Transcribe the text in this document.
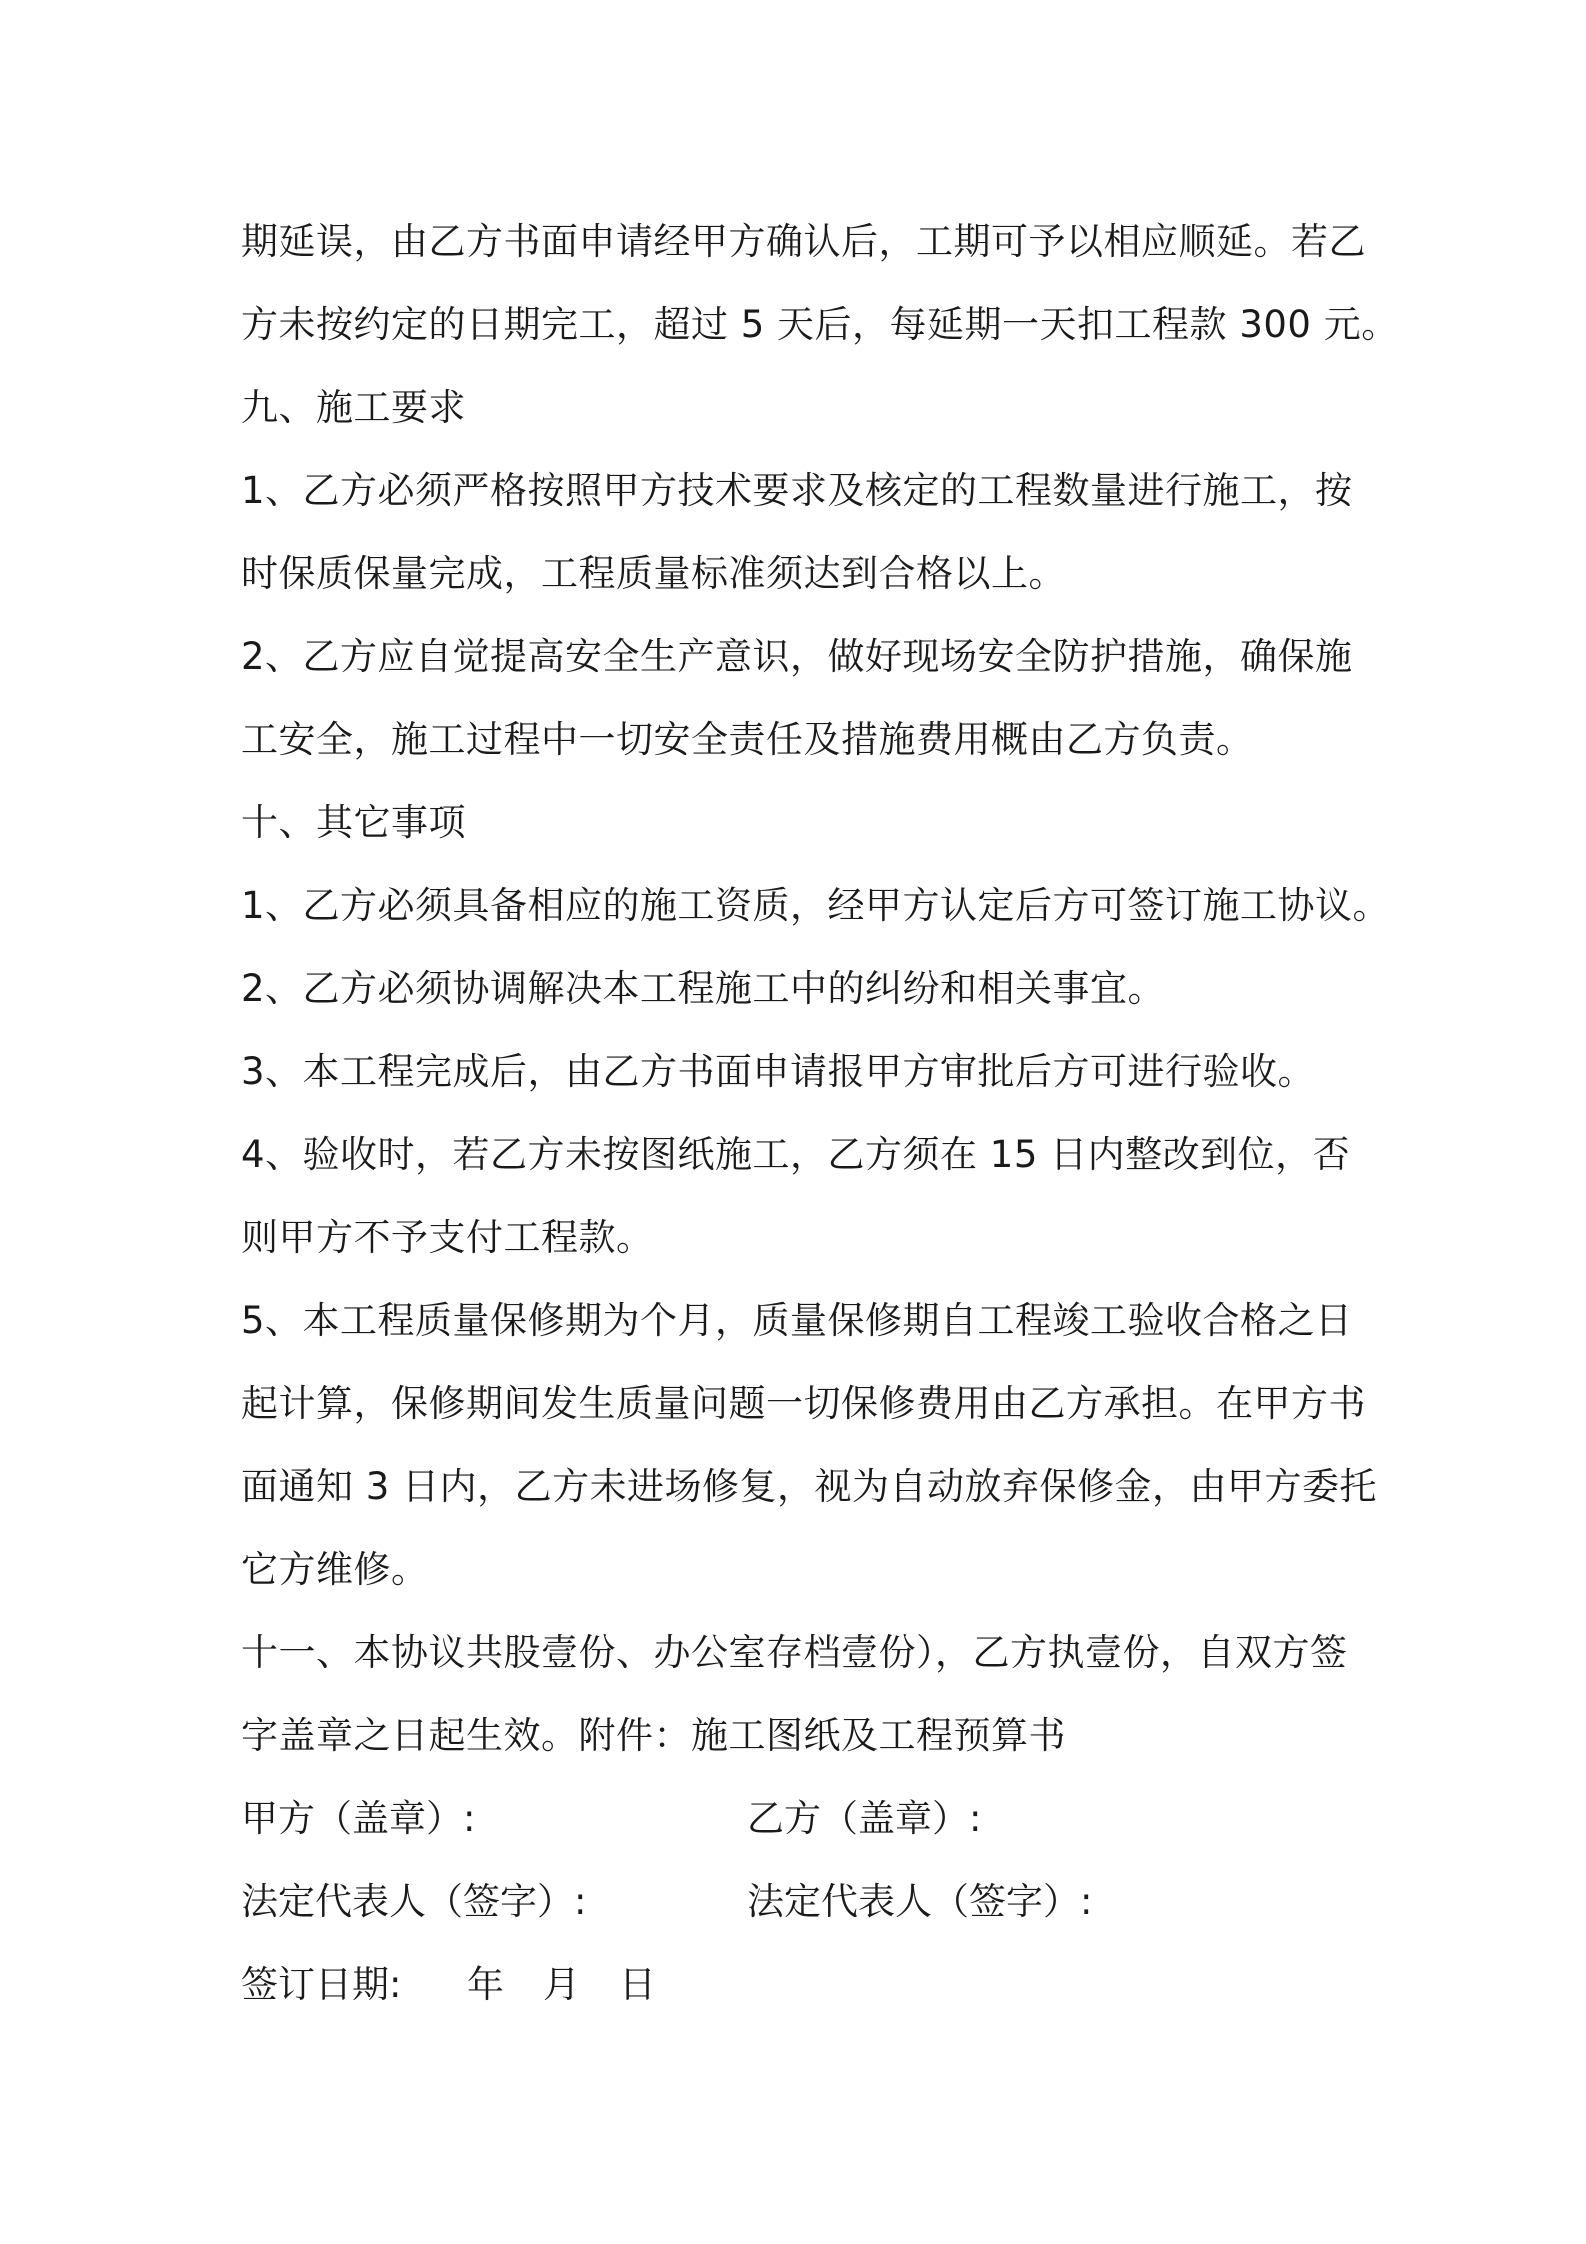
期延误，由乙方书面申请经甲方确认后，工期可予以相应顺延。若乙
方未按约定的日期完工，超过 5 天后，每延期一天扣工程款 300 元。
九、施工要求
1、乙方必须严格按照甲方技术要求及核定的工程数量进行施工，按
时保质保量完成，工程质量标准须达到合格以上。
2、乙方应自觉提高安全生产意识，做好现场安全防护措施，确保施
工安全，施工过程中一切安全责任及措施费用概由乙方负责。
十、其它事项
1、乙方必须具备相应的施工资质，经甲方认定后方可签订施工协议。
2、乙方必须协调解决本工程施工中的纠纷和相关事宜。
3、本工程完成后，由乙方书面申请报甲方审批后方可进行验收。
4、验收时，若乙方未按图纸施工，乙方须在 15 日内整改到位，否
则甲方不予支付工程款。
5、本工程质量保修期为个月，质量保修期自工程竣工验收合格之日
起计算，保修期间发生质量问题一切保修费用由乙方承担。在甲方书
面通知 3 日内，乙方未进场修复，视为自动放弃保修金，由甲方委托
它方维修。
十一、本协议共股壹份、办公室存档壹份），乙方执壹份，自双方签
字盖章之日起生效。附件：施工图纸及工程预算书
甲方（盖章）:	乙方（盖章）:
法定代表人（签字）:	法定代表人（签字）:
签订日期: 年 月 日
